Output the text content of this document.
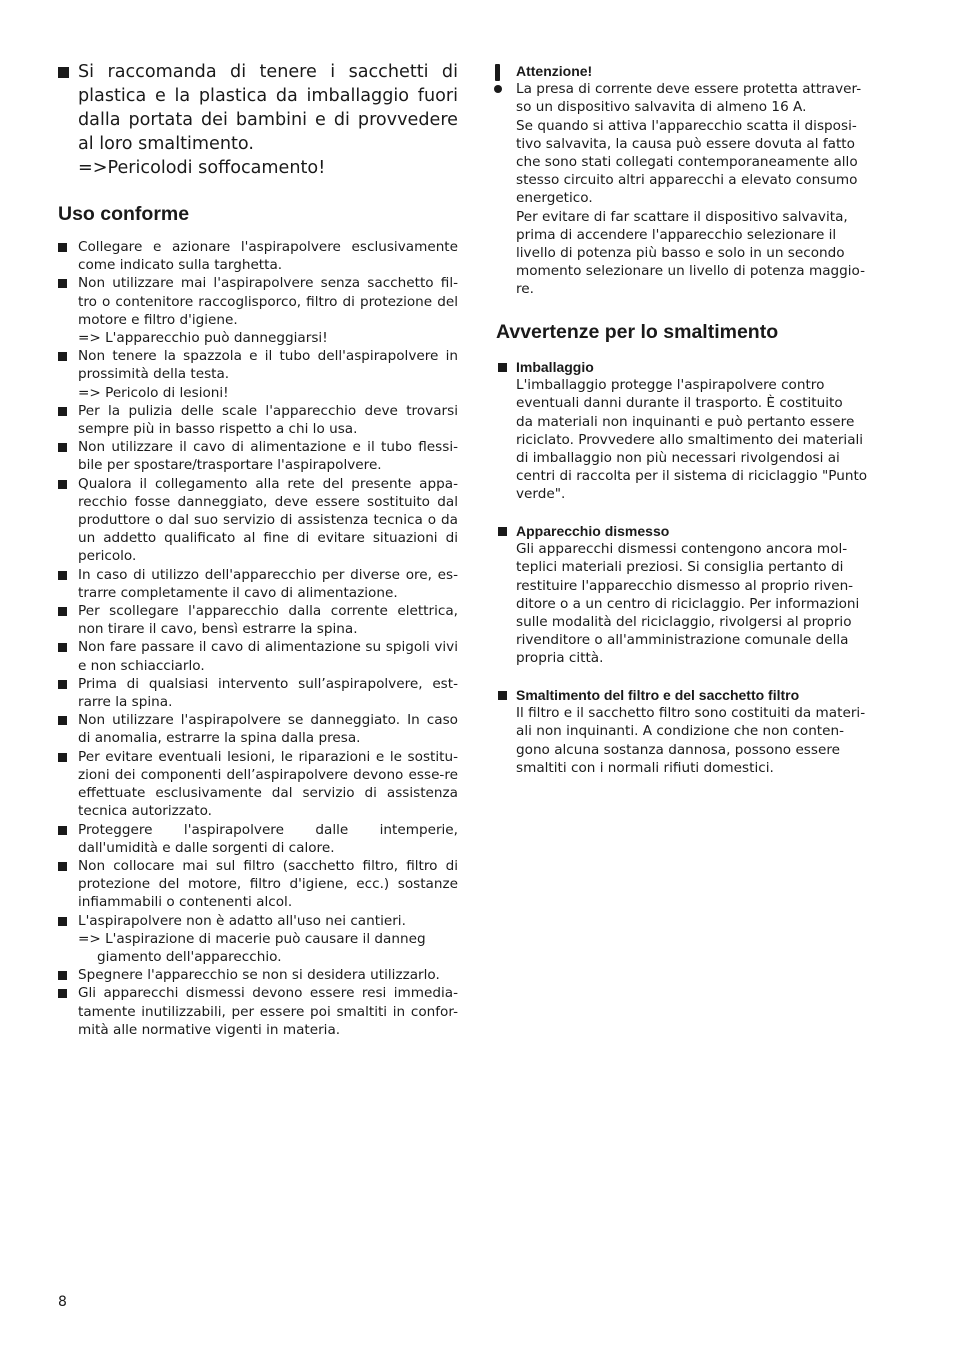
Si raccomanda di tenere i sacchetti di plastica e la plastica da imballaggio fuori dalla portata dei bambini e di provvedere al loro smaltimento.
=>Pericolodi soffocamento!
Uso conforme
Collegare e azionare l'aspirapolvere esclusivamente come indicato sulla targhetta.
Non utilizzare mai l'aspirapolvere senza sacchetto fil-tro o contenitore raccoglisporco, filtro di protezione del motore e filtro d'igiene.
=> L'apparecchio può danneggiarsi!
Non tenere la spazzola e il tubo dell'aspirapolvere in prossimità della testa.
=> Pericolo di lesioni!
Per la pulizia delle scale l'apparecchio deve trovarsi sempre più in basso rispetto a chi lo usa.
Non utilizzare il cavo di alimentazione e il tubo flessi-bile per spostare/trasportare l'aspirapolvere.
Qualora il collegamento alla rete del presente appa-recchio fosse danneggiato, deve essere sostituito dal produttore o dal suo servizio di assistenza tecnica o da un addetto qualificato al fine di evitare situazioni di pericolo.
In caso di utilizzo dell'apparecchio per diverse ore, es-trarre completamente il cavo di alimentazione.
Per scollegare l'apparecchio dalla corrente elettrica, non tirare il cavo, bensì estrarre la spina.
Non fare passare il cavo di alimentazione su spigoli vivi e non schiacciarlo.
Prima di qualsiasi intervento sull’aspirapolvere, est-rarre la spina.
Non utilizzare l'aspirapolvere se danneggiato. In caso di anomalia, estrarre la spina dalla presa.
Per evitare eventuali lesioni, le riparazioni e le sostitu-zioni dei componenti dell’aspirapolvere devono esse-re effettuate esclusivamente dal servizio di assistenza tecnica autorizzato.
Proteggere l'aspirapolvere dalle intemperie, dall'umidità e dalle sorgenti di calore.
Non collocare mai sul filtro (sacchetto filtro, filtro di protezione del motore, filtro d'igiene, ecc.) sostanze infiammabili o contenenti alcol.
L'aspirapolvere non è adatto all'uso nei cantieri.
=> L'aspirazione di macerie può causare il danneg
giamento dell'apparecchio.
Spegnere l'apparecchio se non si desidera utilizzarlo.
Gli apparecchi dismessi devono essere resi immedia-tamente inutilizzabili, per essere poi smaltiti in confor-mità alle normative vigenti in materia.
Attenzione!
La presa di corrente deve essere protetta attraver-
so un dispositivo salvavita di almeno 16 A.
Se quando si attiva l'apparecchio scatta il disposi-
tivo salvavita, la causa può essere dovuta al fatto
che sono stati collegati contemporaneamente allo
stesso circuito altri apparecchi a elevato consumo
energetico.
Per evitare di far scattare il dispositivo salvavita,
prima di accendere l'apparecchio selezionare il
livello di potenza più basso e solo in un secondo
momento selezionare un livello di potenza maggio-
re.
Avvertenze per lo smaltimento
Imballaggio
L'imballaggio protegge l'aspirapolvere contro
eventuali danni durante il trasporto. È costituito
da materiali non inquinanti e può pertanto essere
riciclato. Provvedere allo smaltimento dei materiali
di imballaggio non più necessari rivolgendosi ai
centri di raccolta per il sistema di riciclaggio "Punto
verde".
Apparecchio dismesso
Gli apparecchi dismessi contengono ancora mol-
teplici materiali preziosi. Si consiglia pertanto di
restituire l'apparecchio dismesso al proprio riven-
ditore o a un centro di riciclaggio. Per informazioni
sulle modalità del riciclaggio, rivolgersi al proprio
rivenditore o all'amministrazione comunale della
propria città.
Smaltimento del filtro e del sacchetto filtro
Il filtro e il sacchetto filtro sono costituiti da materi-
ali non inquinanti. A condizione che non conten-
gono alcuna sostanza dannosa, possono essere
smaltiti con i normali rifiuti domestici.
8
